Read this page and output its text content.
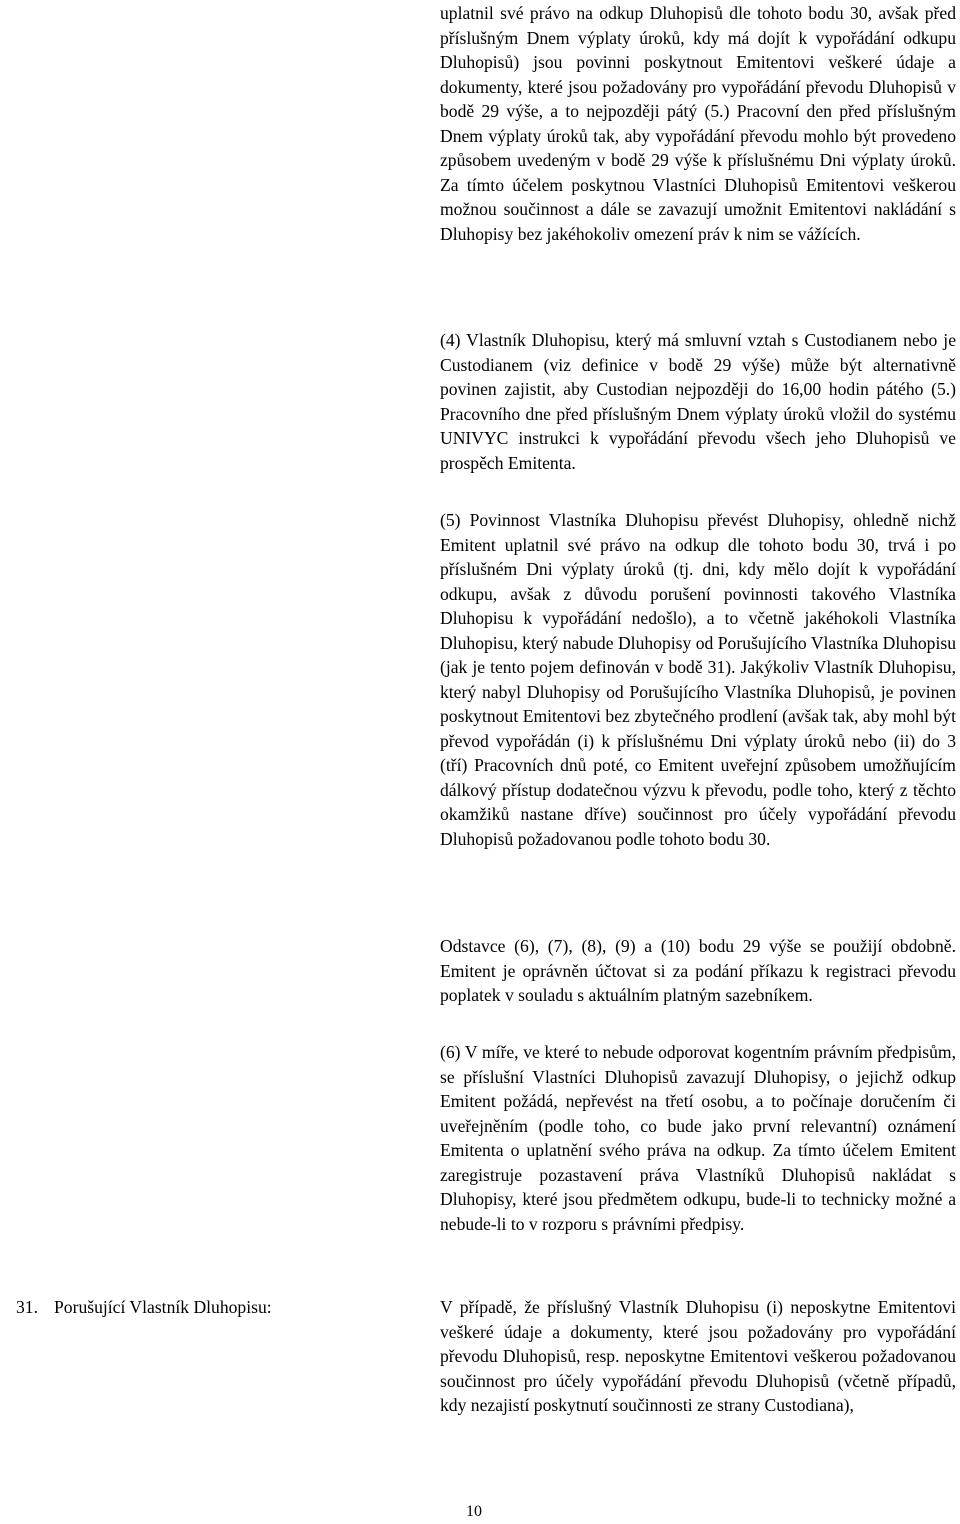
uplatnil své právo na odkup Dluhopisů dle tohoto bodu 30, avšak před příslušným Dnem výplaty úroků, kdy má dojít k vypořádání odkupu Dluhopisů) jsou povinni poskytnout Emitentovi veškeré údaje a dokumenty, které jsou požadovány pro vypořádání převodu Dluhopisů v bodě 29 výše, a to nejpozději pátý (5.) Pracovní den před příslušným Dnem výplaty úroků tak, aby vypořádání převodu mohlo být provedeno způsobem uvedeným v bodě 29 výše k příslušnému Dni výplaty úroků. Za tímto účelem poskytnou Vlastníci Dluhopisů Emitentovi veškerou možnou součinnost a dále se zavazují umožnit Emitentovi nakládání s Dluhopisy bez jakéhokoliv omezení práv k nim se vážících.

(4) Vlastník Dluhopisu, který má smluvní vztah s Custodianem nebo je Custodianem (viz definice v bodě 29 výše) může být alternativně povinen zajistit, aby Custodian nejpozději do 16,00 hodin pátého (5.) Pracovního dne před příslušným Dnem výplaty úroků vložil do systému UNIVYC instrukci k vypořádání převodu všech jeho Dluhopisů ve prospěch Emitenta.

(5) Povinnost Vlastníka Dluhopisu převést Dluhopisy, ohledně nichž Emitent uplatnil své právo na odkup dle tohoto bodu 30, trvá i po příslušném Dni výplaty úroků (tj. dni, kdy mělo dojít k vypořádání odkupu, avšak z důvodu porušení povinnosti takového Vlastníka Dluhopisu k vypořádání nedošlo), a to včetně jakéhokoli Vlastníka Dluhopisu, který nabude Dluhopisy od Porušujícího Vlastníka Dluhopisu (jak je tento pojem definován v bodě 31). Jakýkoliv Vlastník Dluhopisu, který nabyl Dluhopisy od Porušujícího Vlastníka Dluhopisů, je povinen poskytnout Emitentovi bez zbytečného prodlení (avšak tak, aby mohl být převod vypořádán (i) k příslušnému Dni výplaty úroků nebo (ii) do 3 (tří) Pracovních dnů poté, co Emitent uveřejní způsobem umožňujícím dálkový přístup dodatečnou výzvu k převodu, podle toho, který z těchto okamžiků nastane dříve) součinnost pro účely vypořádání převodu Dluhopisů požadovanou podle tohoto bodu 30.

Odstavce (6), (7), (8), (9) a (10) bodu 29 výše se použijí obdobně. Emitent je oprávněn účtovat si za podání příkazu k registraci převodu poplatek v souladu s aktuálním platným sazebníkem.

(6) V míře, ve které to nebude odporovat kogentním právním předpisům, se příslušní Vlastníci Dluhopisů zavazují Dluhopisy, o jejichž odkup Emitent požádá, nepřevést na třetí osobu, a to počínaje doručením či uveřejněním (podle toho, co bude jako první relevantní) oznámení Emitenta o uplatnění svého práva na odkup. Za tímto účelem Emitent zaregistruje pozastavení práva Vlastníků Dluhopisů nakládat s Dluhopisy, které jsou předmětem odkupu, bude-li to technicky možné a nebude-li to v rozporu s právními předpisy.

31. Porušující Vlastník Dluhopisu:	V případě, že příslušný Vlastník Dluhopisu (i) neposkytne Emitentovi veškeré údaje a dokumenty, které jsou požadovány pro vypořádání převodu Dluhopisů, resp. neposkytne Emitentovi veškerou požadovanou součinnost pro účely vypořádání převodu Dluhopisů (včetně případů, kdy nezajistí poskytnutí součinnosti ze strany Custodiana),

10
